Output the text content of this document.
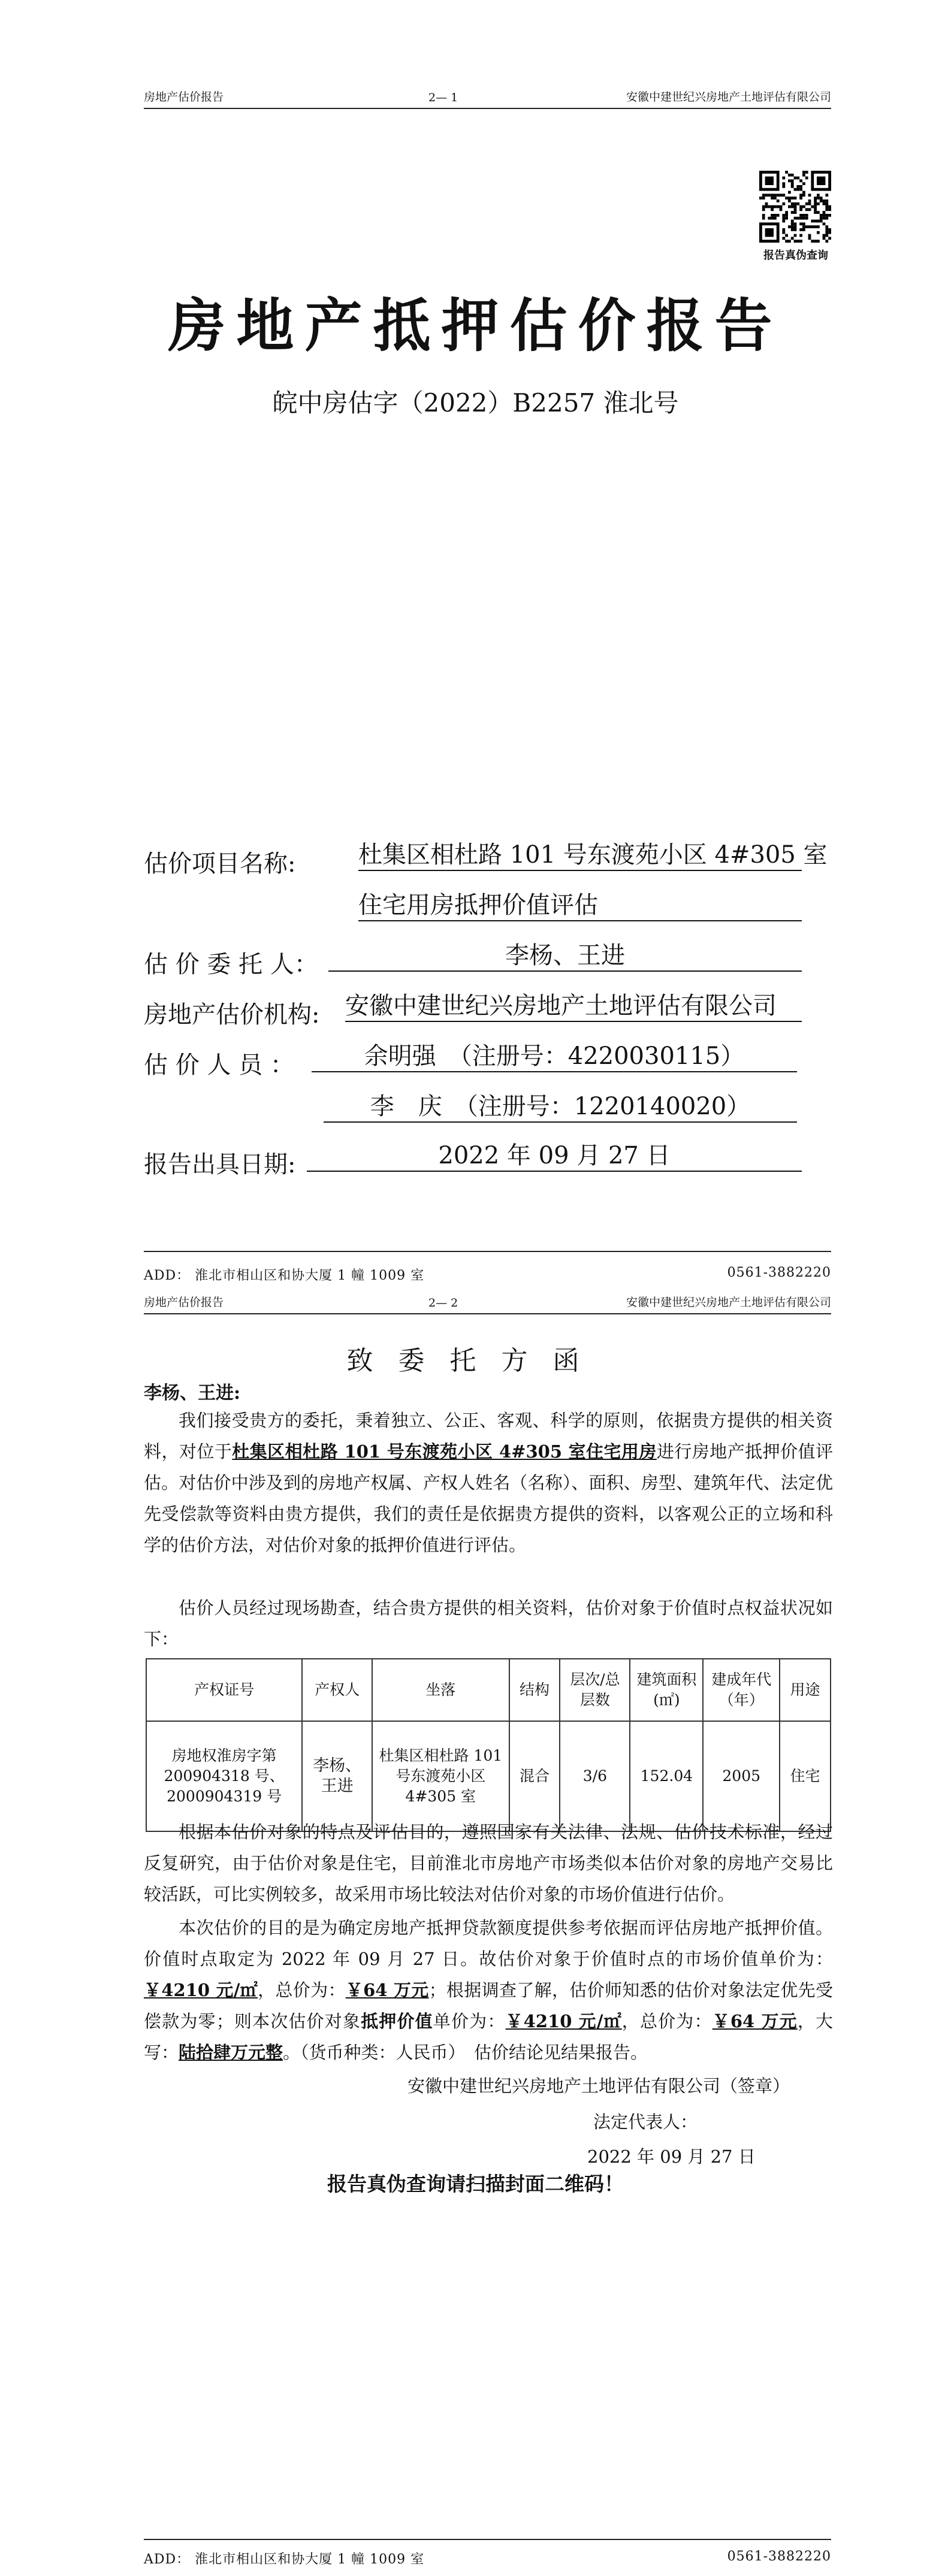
房地产估价报告	2— 1	安徽中建世纪兴房地产土地评估有限公司
报告真伪查询
房地产抵押估价报告
皖中房估字（2022）B2257 淮北号
估价项目名称:	杜集区相杜路 101 号东渡苑小区 4#305 室
住宅用房抵押价值评估
估 价 委 托 人：	李杨、王进
房地产估价机构: 安徽中建世纪兴房地产土地评估有限公司
估 价 人 员 ：	余明强　（注册号：4220030115）
李　庆　（注册号：1220140020）
报告出具日期:	2022 年 09 月 27 日
ADD： 淮北市相山区和协大厦 1 幢 1009 室	0561-3882220
房地产估价报告	2— 2	安徽中建世纪兴房地产土地评估有限公司
致委托方函
李杨、王进:
我们接受贵方的委托，秉着独立、公正、客观、科学的原则，依据贵方提供的相关资料，对位于杜集区相杜路 101 号东渡苑小区 4#305 室住宅用房进行房地产抵押价值评估。对估价中涉及到的房地产权属、产权人姓名（名称）、面积、房型、建筑年代、法定优先受偿款等资料由贵方提供，我们的责任是依据贵方提供的资料，以客观公正的立场和科学的估价方法，对估价对象的抵押价值进行评估。
估价人员经过现场勘查，结合贵方提供的相关资料，估价对象于价值时点权益状况如下：
产权证号	产权人	坐落	结构	层次/总层数	建筑面积(㎡)	建成年代（年）	用途
房地权淮房字第 200904318 号、2000904319 号	李杨、王进	杜集区相杜路 101 号东渡苑小区 4#305 室	混合	3/6	152.04	2005	住宅
根据本估价对象的特点及评估目的，遵照国家有关法律、法规、估价技术标准，经过反复研究，由于估价对象是住宅，目前淮北市房地产市场类似本估价对象的房地产交易比较活跃，可比实例较多，故采用市场比较法对估价对象的市场价值进行估价。
本次估价的目的是为确定房地产抵押贷款额度提供参考依据而评估房地产抵押价值。价值时点取定为 2022 年 09 月 27 日。故估价对象于价值时点的市场价值单价为：￥4210 元/㎡，总价为：￥64 万元；根据调查了解，估价师知悉的估价对象法定优先受偿款为零；则本次估价对象抵押价值单价为：￥4210 元/㎡，总价为：￥64 万元，大写：陆拾肆万元整。（货币种类：人民币）　估价结论见结果报告。
安徽中建世纪兴房地产土地评估有限公司（签章）
法定代表人：
2022 年 09 月 27 日
报告真伪查询请扫描封面二维码！
ADD： 淮北市相山区和协大厦 1 幢 1009 室	0561-3882220
